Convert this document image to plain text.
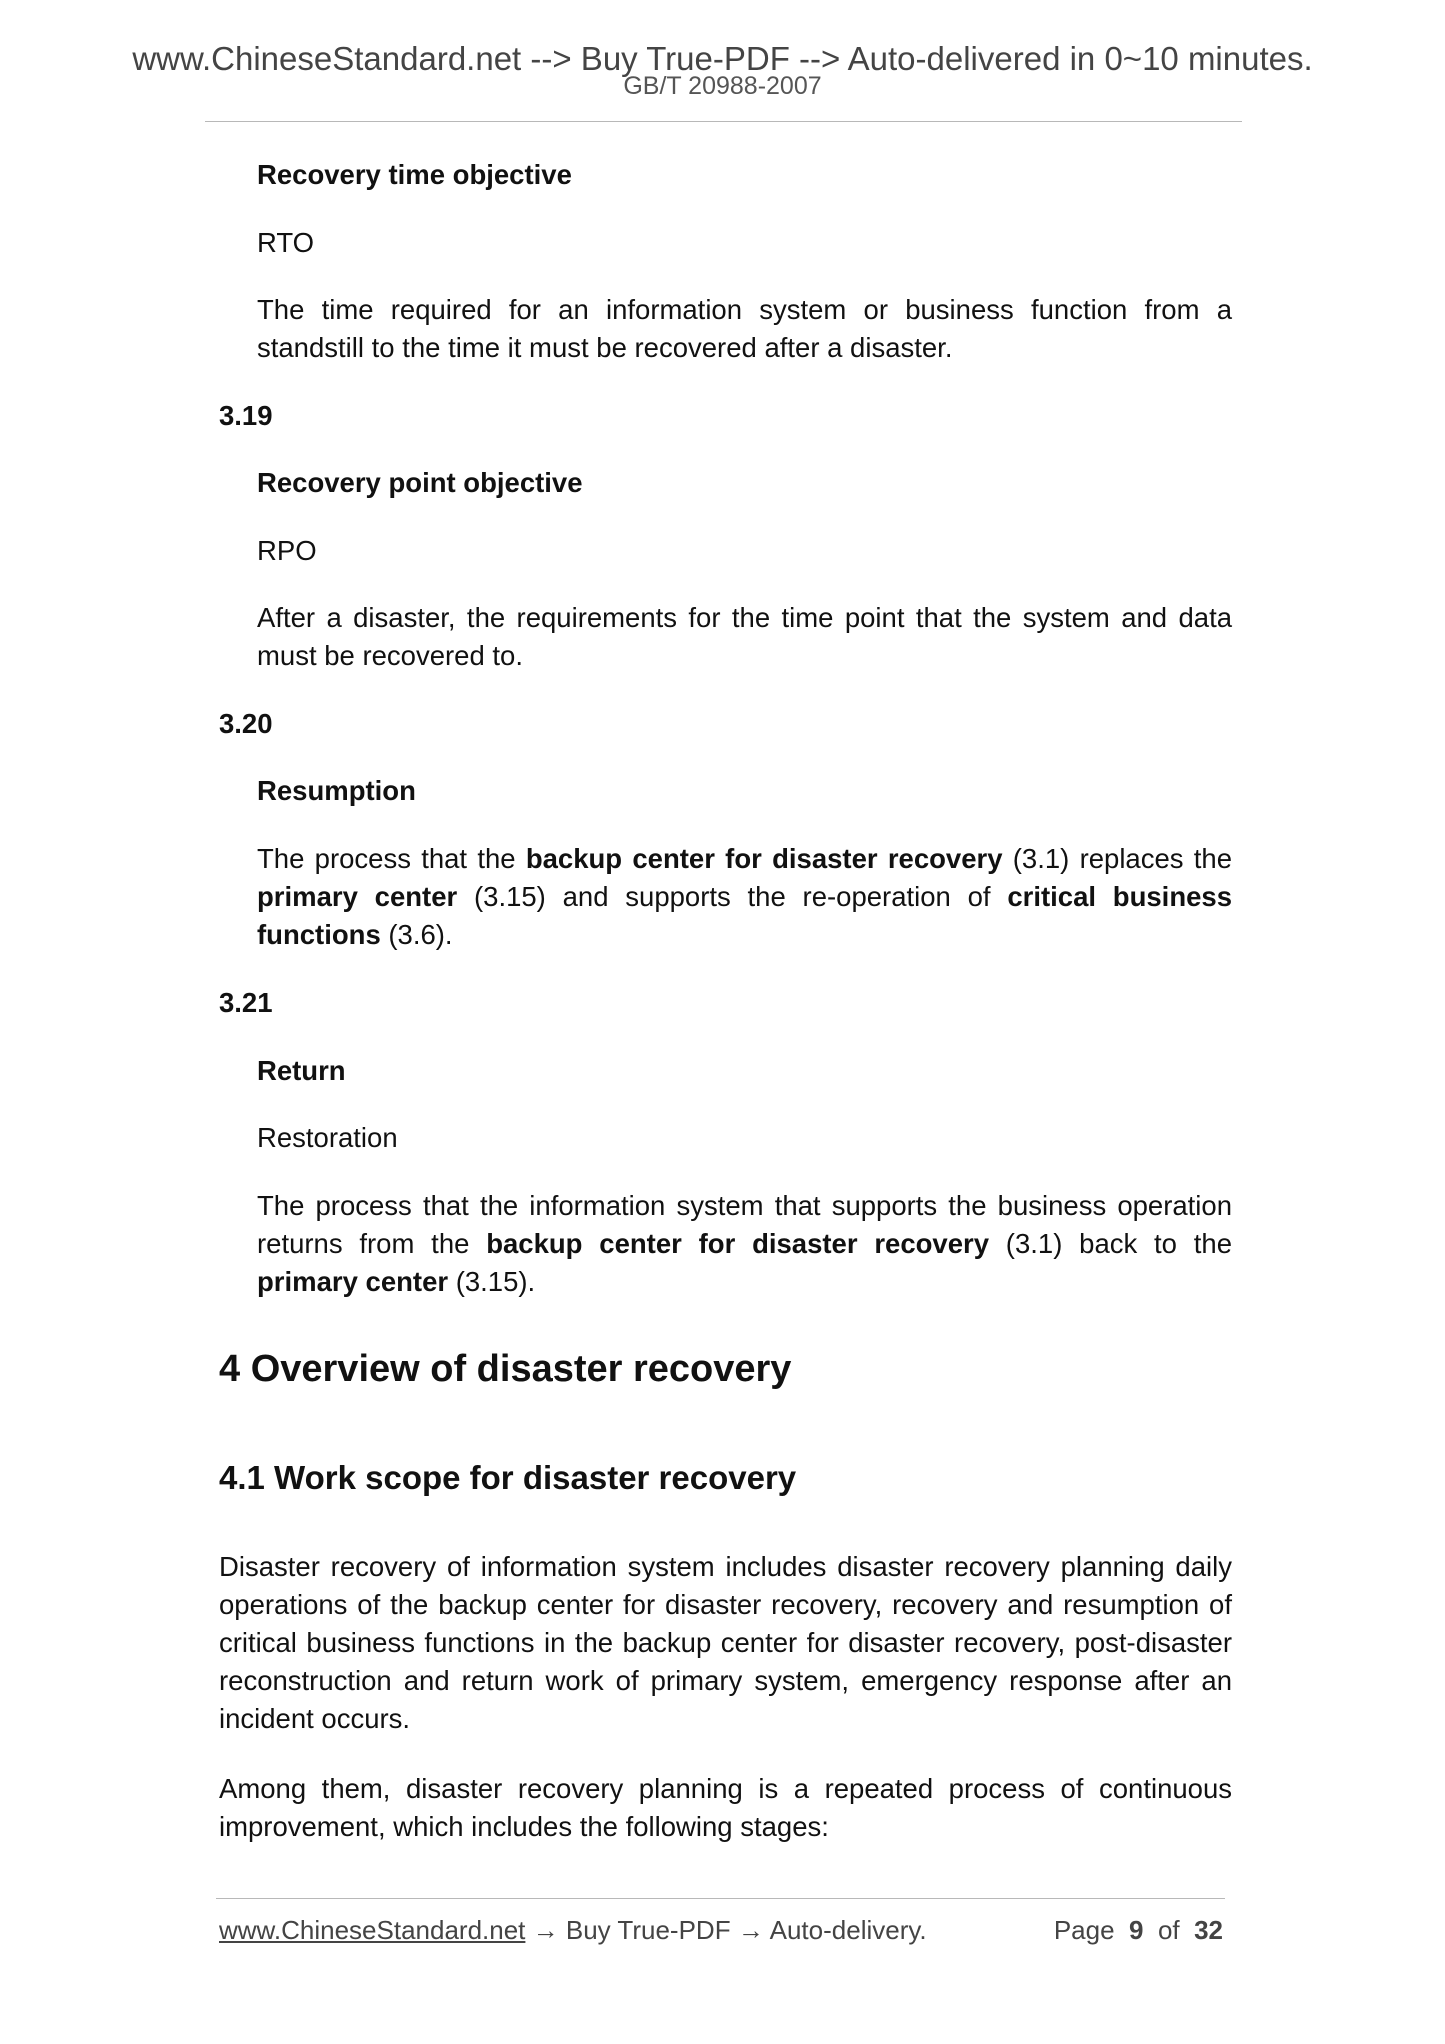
www.ChineseStandard.net --> Buy True-PDF --> Auto-delivered in 0~10 minutes.
GB/T 20988-2007

Recovery time objective

RTO

The time required for an information system or business function from a standstill to the time it must be recovered after a disaster.

3.19

Recovery point objective

RPO

After a disaster, the requirements for the time point that the system and data must be recovered to.

3.20

Resumption

The process that the backup center for disaster recovery (3.1) replaces the primary center (3.15) and supports the re-operation of critical business functions (3.6).

3.21

Return

Restoration

The process that the information system that supports the business operation returns from the backup center for disaster recovery (3.1) back to the primary center (3.15).

4 Overview of disaster recovery
4.1 Work scope for disaster recovery

Disaster recovery of information system includes disaster recovery planning daily operations of the backup center for disaster recovery, recovery and resumption of critical business functions in the backup center for disaster recovery, post-disaster reconstruction and return work of primary system, emergency response after an incident occurs.

Among them, disaster recovery planning is a repeated process of continuous improvement, which includes the following stages:

www.ChineseStandard.net → Buy True-PDF → Auto-delivery.	Page 9 of 32
